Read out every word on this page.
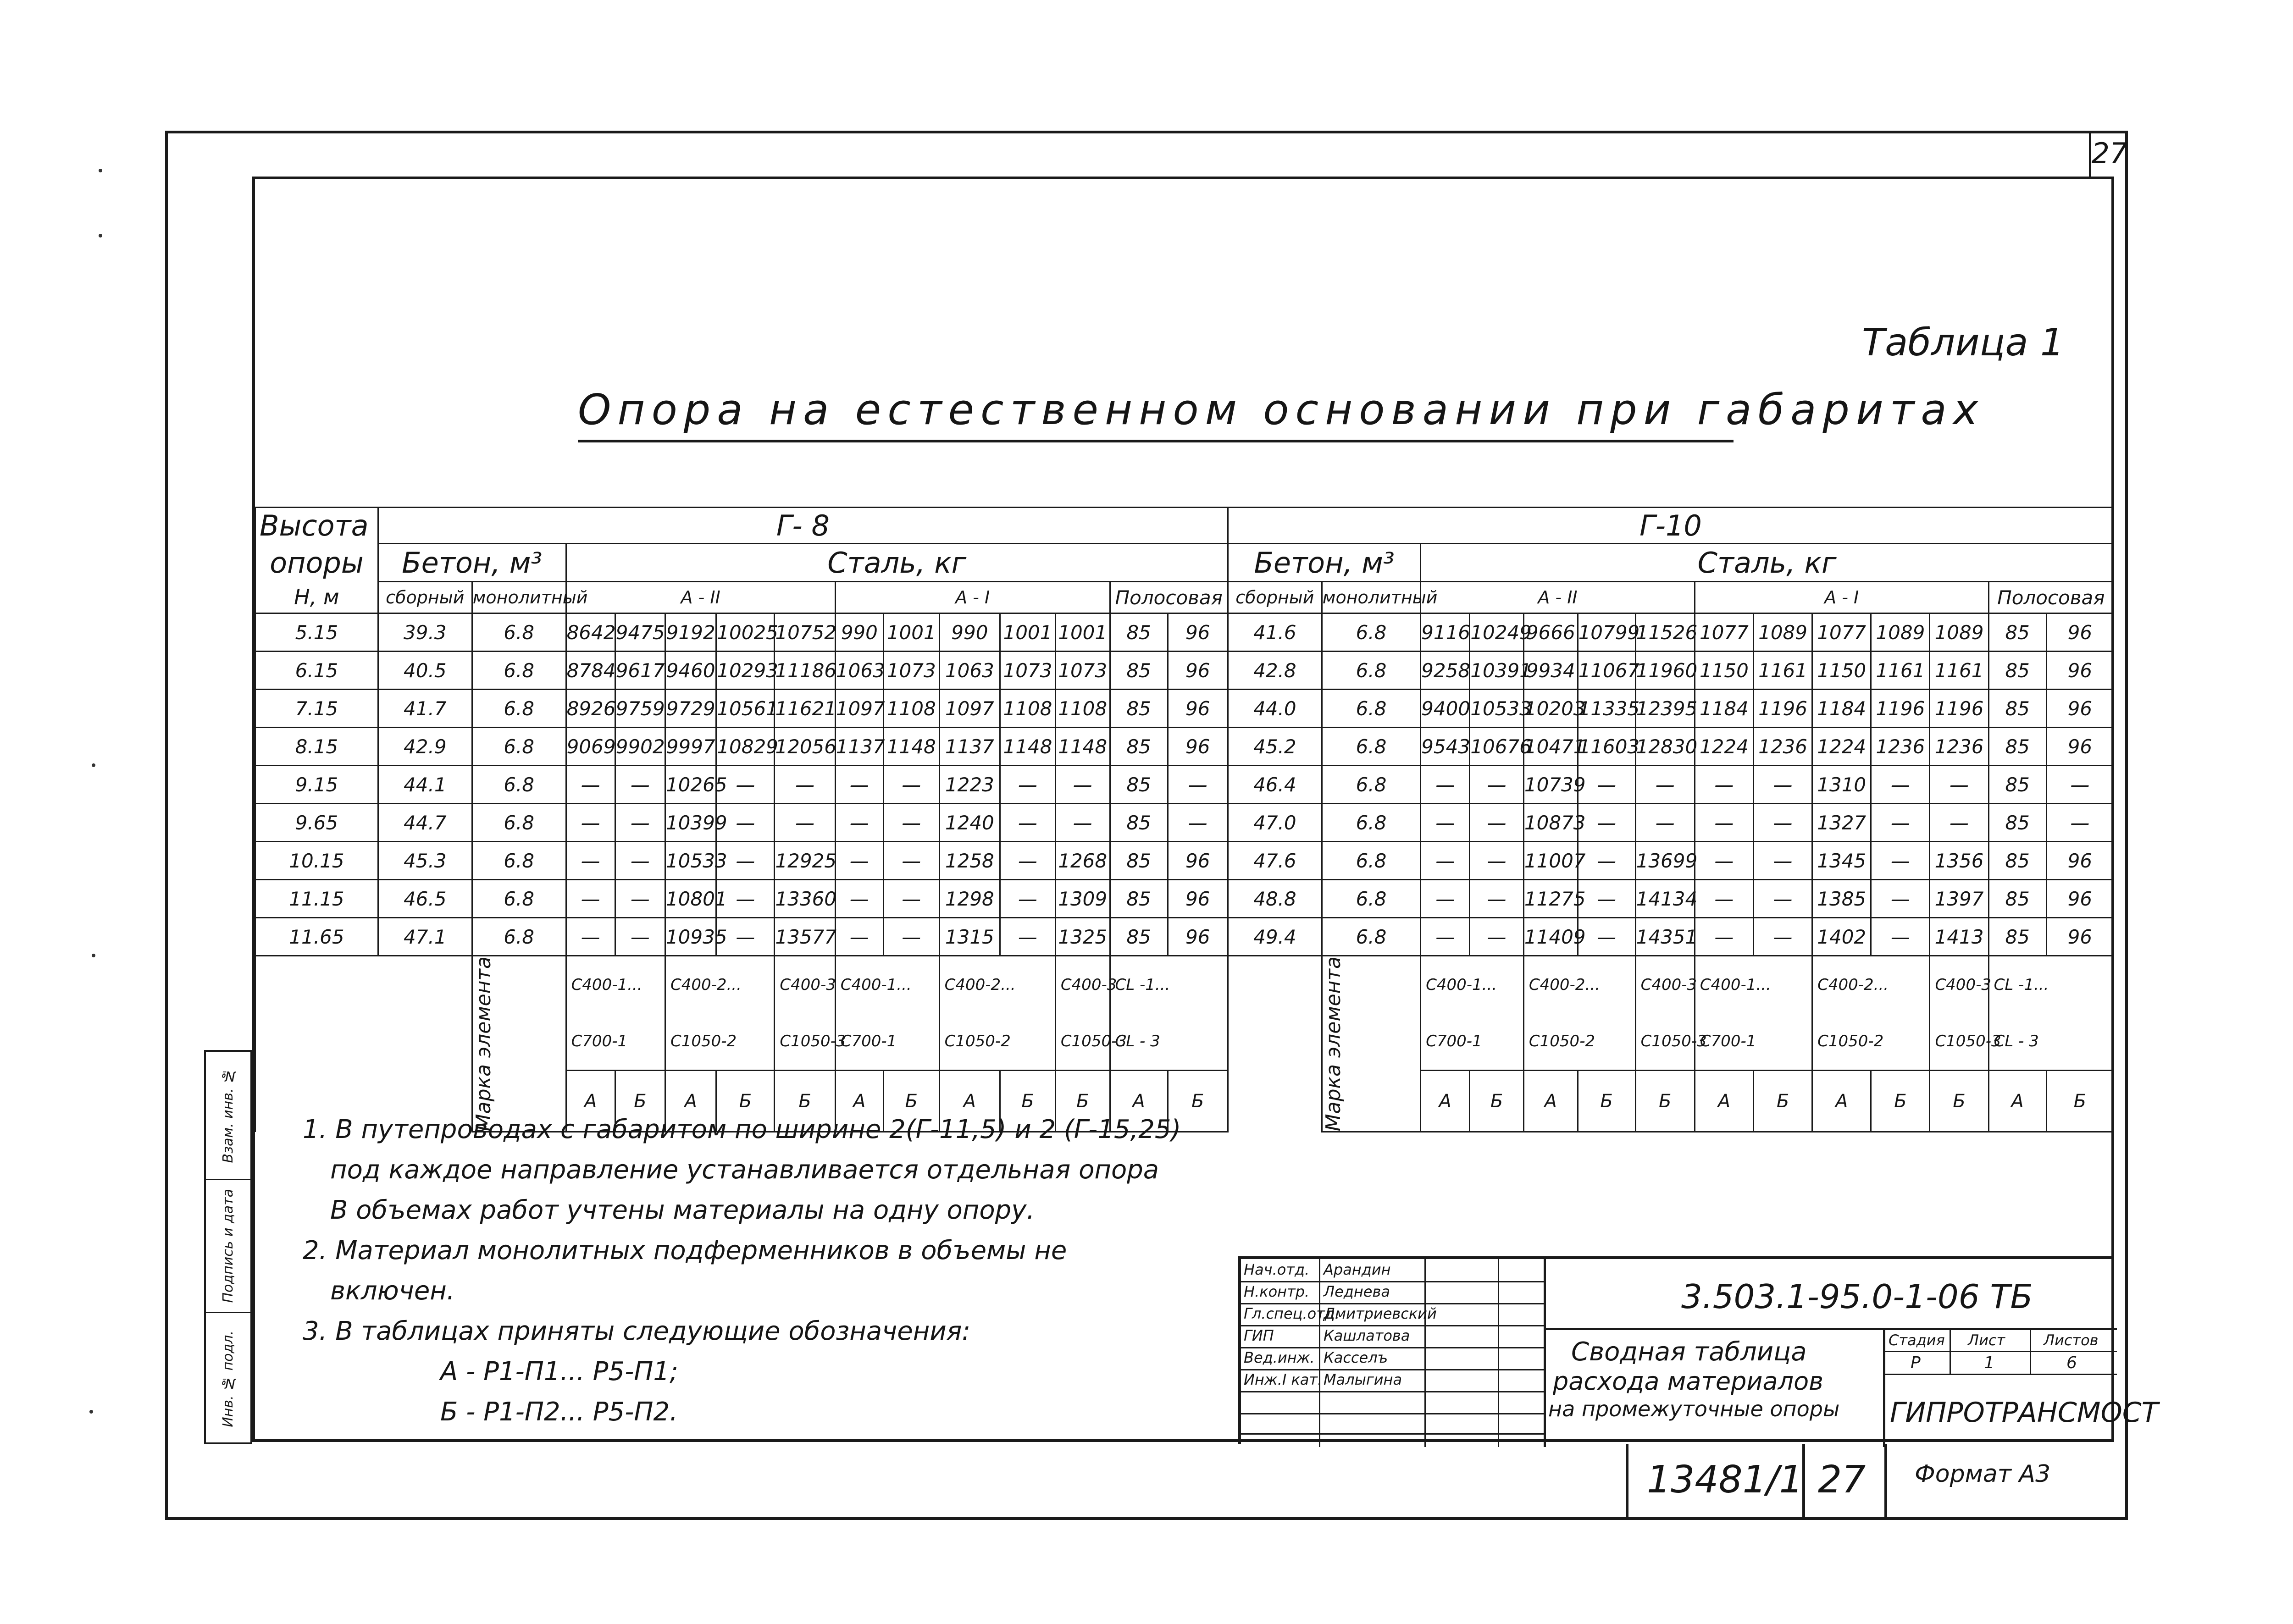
27
Таблица 1
Опора на естественном основании при габаритах
Высота	Г- 8														Г-10													
опоры	Бетон, м³		Сталь, кг												Бетон, м³		Сталь, кг											
Н, м	сборный	монолитный	А - II					А - I					Полосовая		сборный	монолитный	А - II					А - I					Полосовая	
5.15	39.3	6.8	8642	9475	9192	10025	10752	990	1001	990	1001	1001	85	96	41.6	6.8	9116	10249	9666	10799	11526	1077	1089	1077	1089	1089	85	96
6.15	40.5	6.8	8784	9617	9460	10293	11186	1063	1073	1063	1073	1073	85	96	42.8	6.8	9258	10391	9934	11067	11960	1150	1161	1150	1161	1161	85	96
7.15	41.7	6.8	8926	9759	9729	10561	11621	1097	1108	1097	1108	1108	85	96	44.0	6.8	9400	10533	10203	11335	12395	1184	1196	1184	1196	1196	85	96
8.15	42.9	6.8	9069	9902	9997	10829	12056	1137	1148	1137	1148	1148	85	96	45.2	6.8	9543	10676	10471	11603	12830	1224	1236	1224	1236	1236	85	96
9.15	44.1	6.8	—	—	10265	—	—	—	—	1223	—	—	85	—	46.4	6.8	—	—	10739	—	—	—	—	1310	—	—	85	—
9.65	44.7	6.8	—	—	10399	—	—	—	—	1240	—	—	85	—	47.0	6.8	—	—	10873	—	—	—	—	1327	—	—	85	—
10.15	45.3	6.8	—	—	10533	—	12925	—	—	1258	—	1268	85	96	47.6	6.8	—	—	11007	—	13699	—	—	1345	—	1356	85	96
11.15	46.5	6.8	—	—	10801	—	13360	—	—	1298	—	1309	85	96	48.8	6.8	—	—	11275	—	14134	—	—	1385	—	1397	85	96
11.65	47.1	6.8	—	—	10935	—	13577	—	—	1315	—	1325	85	96	49.4	6.8	—	—	11409	—	14351	—	—	1402	—	1413	85	96

		Марка элемента	С400-1...		С400-2...		С400-3	С400-1...		С400-2...		С400-3	СL -1...			Марка элемента	С400-1...		С400-2...		С400-3	С400-1...		С400-2...		С400-3	СL -1...	
			С700-1		С1050-2		С1050-3	С700-1		С1050-2		С1050-3	СL - 3				С700-1		С1050-2		С1050-3	С700-1		С1050-2		С1050-3	СL - 3	
			А	Б	А	Б	Б	А	Б	А	Б	Б	А	Б			А	Б	А	Б	Б	А	Б	А	Б	Б	А	Б
1. В путепроводах с габаритом по ширине 2(Г-11,5) и 2 (Г-15,25)
под каждое направление устанавливается отдельная опора
В объемах работ учтены материалы на одну опору.
2. Материал монолитных подферменников в объемы не
включен.
3. В таблицах приняты следующие обозначения:
А - Р1-П1... Р5-П1;
Б - Р1-П2... Р5-П2.
Взам. инв. №
Подпись и дата
Инв. № подл.
Нач.отд. Арандин
Н.контр. Леднева
Гл.спец.отд.
Дмитриевский
ГИП	Кашлатова
Вед.инж. Касселъ
Инж.I кат. Малыгина
3.503.1-95.0-1-06 ТБ
Сводная таблица
расхода материалов
на промежуточные опоры
Стадия Лист	Листов
Р	1	6
ГИПРОТРАНСМОСТ
13481/1 27 Формат А3
